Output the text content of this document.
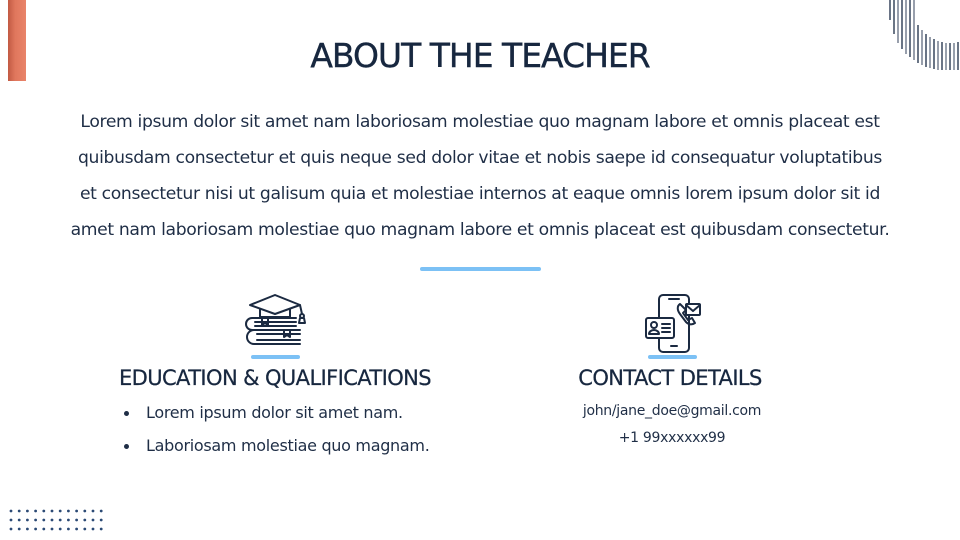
ABOUT THE TEACHER
Lorem ipsum dolor sit amet nam laboriosam molestiae quo magnam labore et omnis placeat est
quibusdam consectetur et quis neque sed dolor vitae et nobis saepe id consequatur voluptatibus
et consectetur nisi ut galisum quia et molestiae internos at eaque omnis lorem ipsum dolor sit id
amet nam laboriosam molestiae quo magnam labore et omnis placeat est quibusdam consectetur.
EDUCATION & QUALIFICATIONS
Lorem ipsum dolor sit amet nam.
Laboriosam molestiae quo magnam.
CONTACT DETAILS
john/jane_doe@gmail.com
+1 99xxxxxx99
